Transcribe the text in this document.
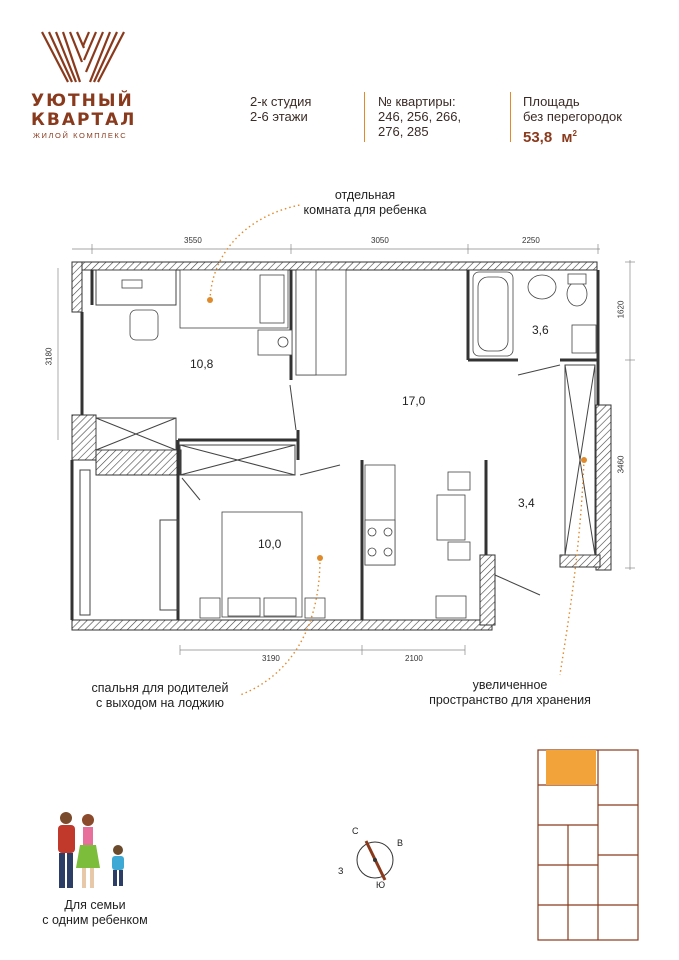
УЮТНЫЙ
КВАРТАЛ
ЖИЛОЙ КОМПЛЕКС
2-к студия
2-6 этажи
№ квартиры:
246, 256, 266,
276, 285
Площадь
без перегородок
53,8 $м^2$
10,8
17,0
3,6
3,4
10,0
3550	3050	2250
3190	2100
3180
1620
3460
отдельная
комната для ребенка
спальня для родителей
с выходом на лоджию
увеличенное
пространство для хранения
Для семьи
с одним ребенком
С
В
Ю
З
